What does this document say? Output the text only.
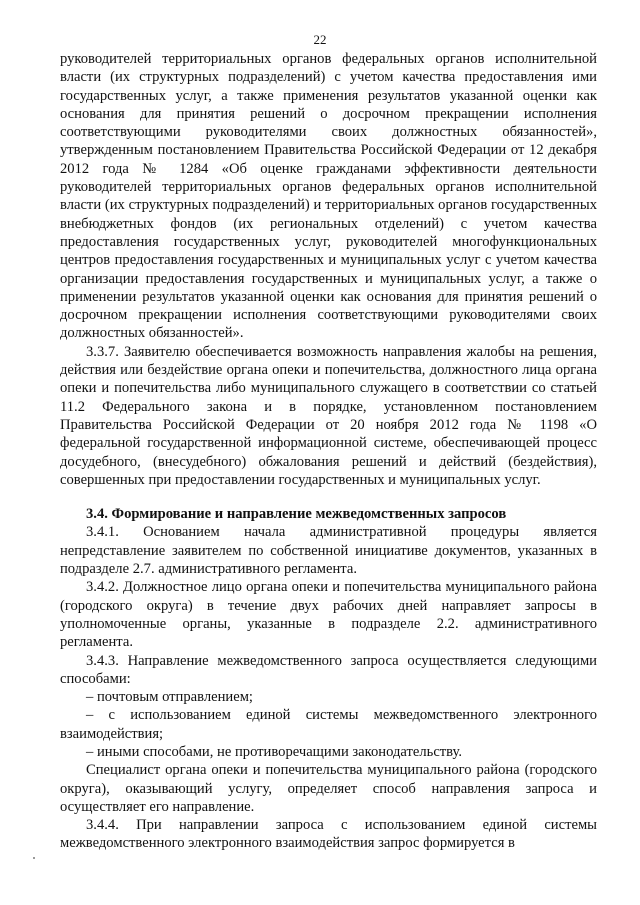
22

руководителей территориальных органов федеральных органов исполнительной власти (их структурных подразделений) с учетом качества предоставления ими государственных услуг, а также применения результатов указанной оценки как основания для принятия решений о досрочном прекращении исполнения соответствующими руководителями своих должностных обязанностей», утвержденным постановлением Правительства Российской Федерации от 12 декабря 2012 года № 1284 «Об оценке гражданами эффективности деятельности руководителей территориальных органов федеральных органов исполнительной власти (их структурных подразделений) и территориальных органов государственных внебюджетных фондов (их региональных отделений) с учетом качества предоставления государственных услуг, руководителей многофункциональных центров предоставления государственных и муниципальных услуг с учетом качества организации предоставления государственных и муниципальных услуг, а также о применении результатов указанной оценки как основания для принятия решений о досрочном прекращении исполнения соответствующими руководителями своих должностных обязанностей».

3.3.7. Заявителю обеспечивается возможность направления жалобы на решения, действия или бездействие органа опеки и попечительства, должностного лица органа опеки и попечительства либо муниципального служащего в соответствии со статьей 11.2 Федерального закона и в порядке, установленном постановлением Правительства Российской Федерации от 20 ноября 2012 года № 1198 «О федеральной государственной информационной системе, обеспечивающей процесс досудебного, (внесудебного) обжалования решений и действий (бездействия), совершенных при предоставлении государственных и муниципальных услуг.

3.4. Формирование и направление межведомственных запросов

3.4.1. Основанием начала административной процедуры является непредставление заявителем по собственной инициативе документов, указанных в подразделе 2.7. административного регламента.

3.4.2. Должностное лицо органа опеки и попечительства муниципального района (городского округа) в течение двух рабочих дней направляет запросы в уполномоченные органы, указанные в подразделе 2.2. административного регламента.

3.4.3. Направление межведомственного запроса осуществляется следующими способами:

– почтовым отправлением;

– с использованием единой системы межведомственного электронного взаимодействия;

– иными способами, не противоречащими законодательству.

Специалист органа опеки и попечительства муниципального района (городского округа), оказывающий услугу, определяет способ направления запроса и осуществляет его направление.

3.4.4. При направлении запроса с использованием единой системы межведомственного электронного взаимодействия запрос формируется в
